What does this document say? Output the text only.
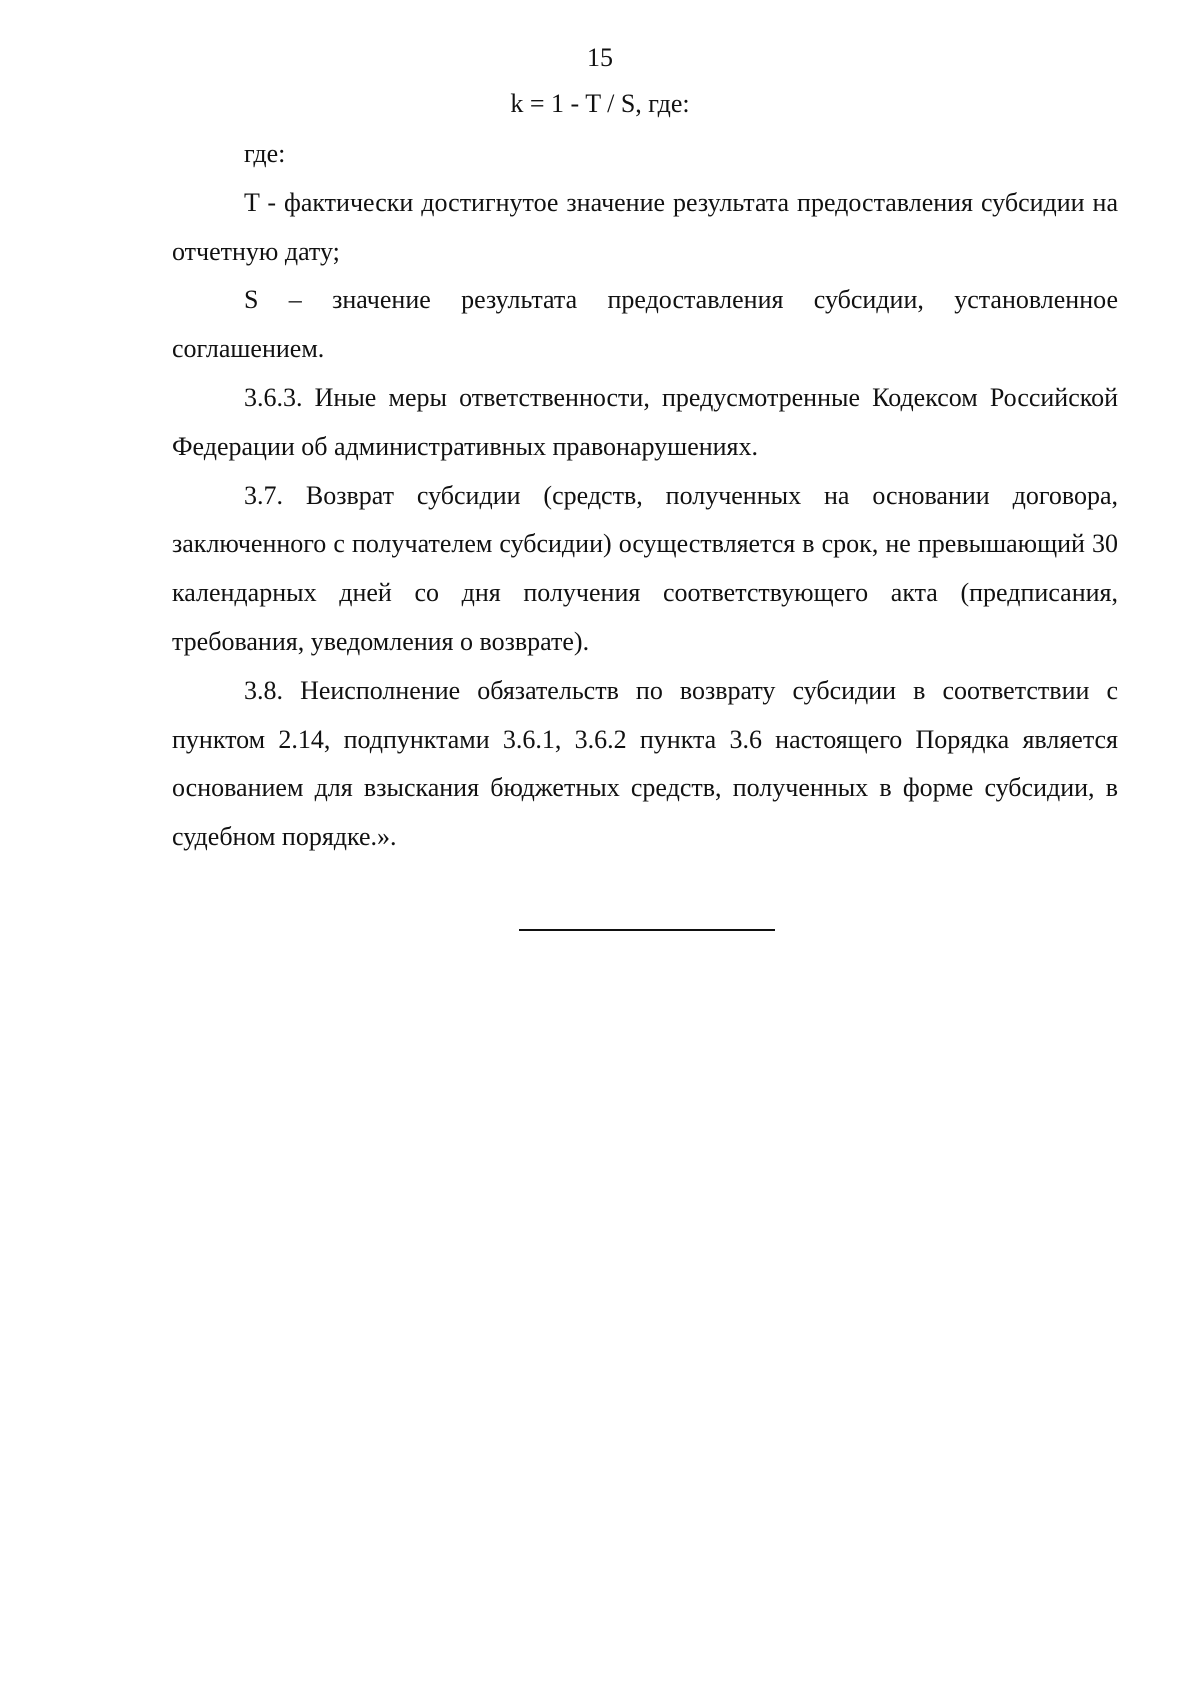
15
k = 1 - T / S, где:

где:

T - фактически достигнутое значение результата предоставления субсидии на отчетную дату;

S – значение результата предоставления субсидии, установленное соглашением.

3.6.3. Иные меры ответственности, предусмотренные Кодексом Российской Федерации об административных правонарушениях.

3.7. Возврат субсидии (средств, полученных на основании договора, заключенного с получателем субсидии) осуществляется в срок, не превышающий 30 календарных дней со дня получения соответствующего акта (предписания, требования, уведомления о возврате).

3.8. Неисполнение обязательств по возврату субсидии в соответствии с пунктом 2.14, подпунктами 3.6.1, 3.6.2 пункта 3.6 настоящего Порядка является основанием для взыскания бюджетных средств, полученных в форме субсидии, в судебном порядке.».
